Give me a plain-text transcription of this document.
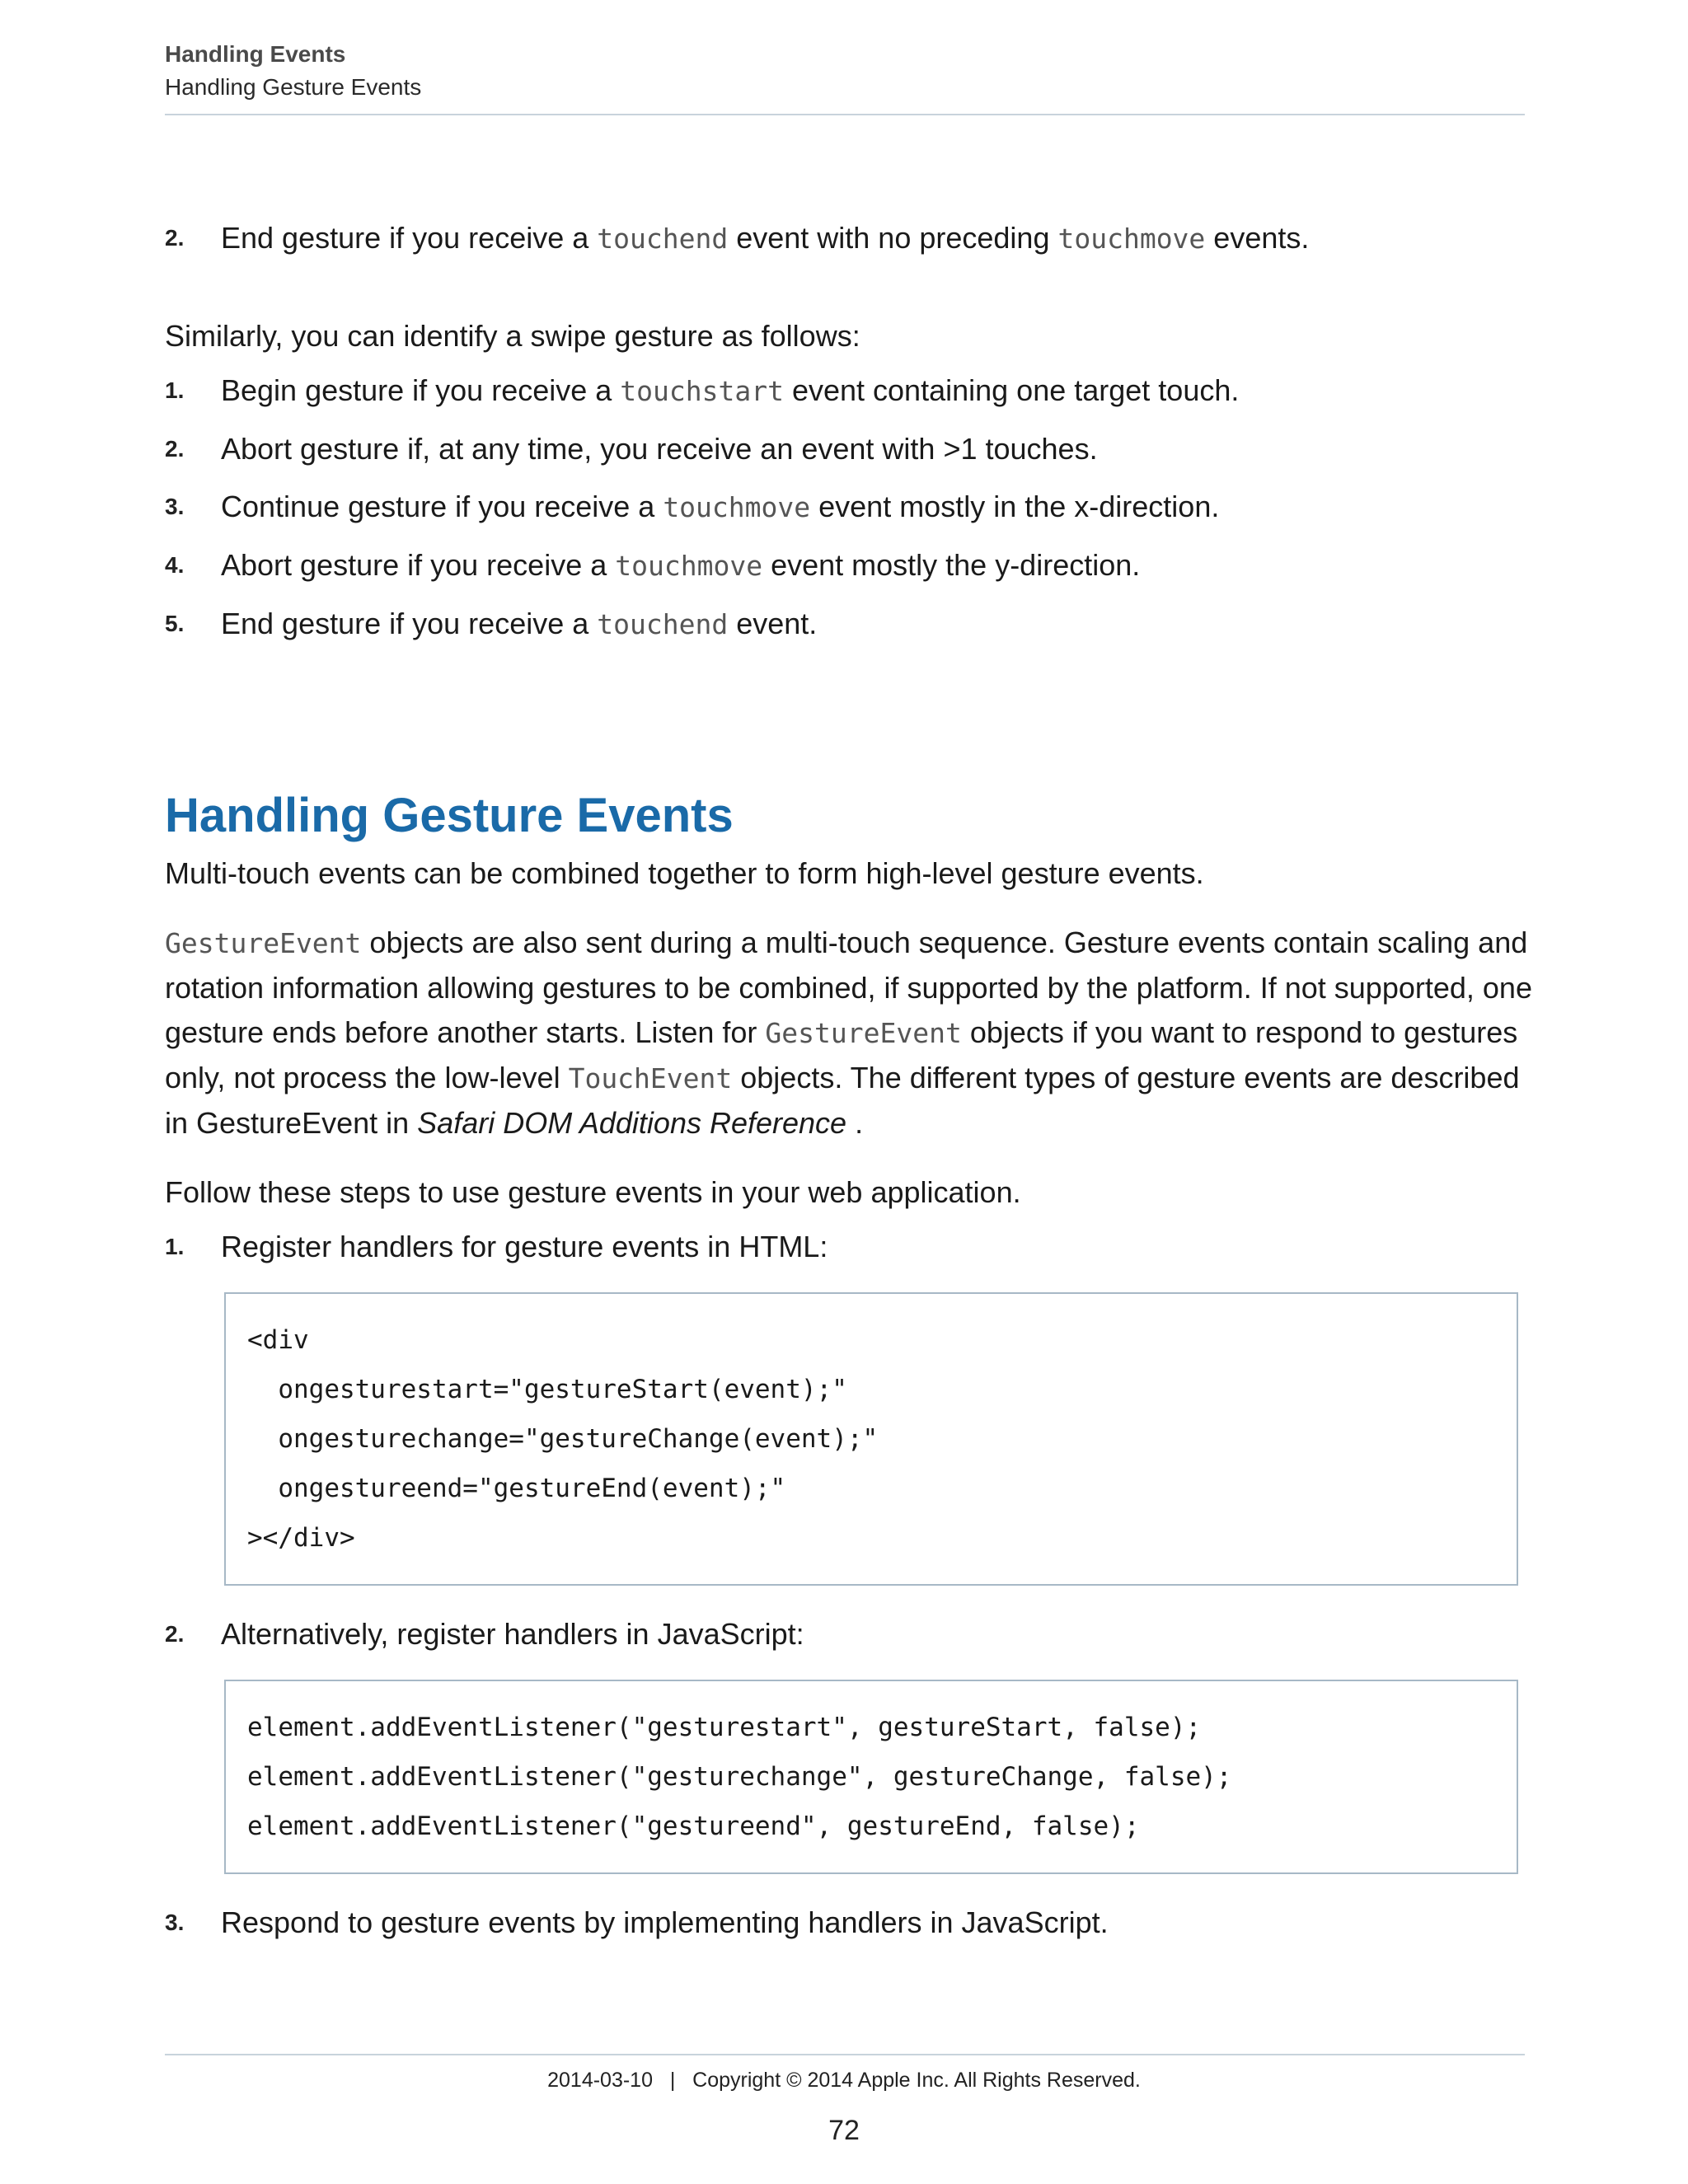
Handling Events
Handling Gesture Events
2. End gesture if you receive a touchend event with no preceding touchmove events.

Similarly, you can identify a swipe gesture as follows:

1. Begin gesture if you receive a touchstart event containing one target touch.
2. Abort gesture if, at any time, you receive an event with >1 touches.
3. Continue gesture if you receive a touchmove event mostly in the x-direction.
4. Abort gesture if you receive a touchmove event mostly the y-direction.
5. End gesture if you receive a touchend event.
Handling Gesture Events

Multi-touch events can be combined together to form high-level gesture events.

GestureEvent objects are also sent during a multi-touch sequence. Gesture events contain scaling and rotation information allowing gestures to be combined, if supported by the platform. If not supported, one gesture ends before another starts. Listen for GestureEvent objects if you want to respond to gestures only, not process the low-level TouchEvent objects. The different types of gesture events are described in GestureEvent in Safari DOM Additions Reference .

Follow these steps to use gesture events in your web application.

1. Register handlers for gesture events in HTML:
<div
ongesturestart="gestureStart(event);"
ongesturechange="gestureChange(event);"
ongestureend="gestureEnd(event);"
></div>
2. Alternatively, register handlers in JavaScript:
element.addEventListener("gesturestart", gestureStart, false);
element.addEventListener("gesturechange", gestureChange, false);
element.addEventListener("gestureend", gestureEnd, false);
3. Respond to gesture events by implementing handlers in JavaScript.
2014-03-10   |   Copyright © 2014 Apple Inc. All Rights Reserved.
72
